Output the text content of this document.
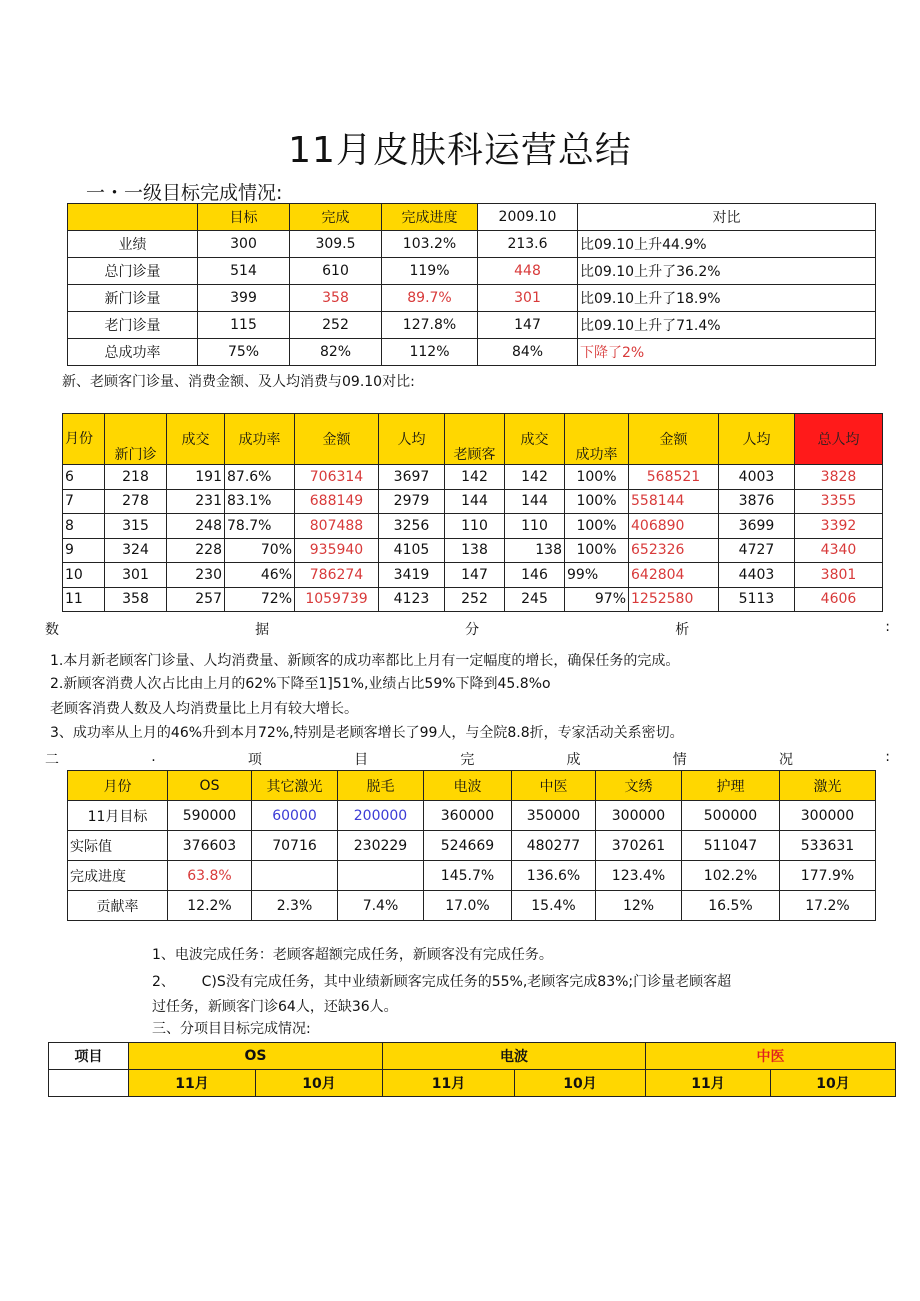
11月皮肤科运营总结
一・一级目标完成情况:
	目标	完成	完成进度	2009.10	对比
业绩	300	309.5	103.2%	213.6	比09.10上升44.9%
总门诊量	514	610	119%	448	比09.10上升了36.2%
新门诊量	399	358	89.7%	301	比09.10上升了18.9%
老门诊量	115	252	127.8%	147	比09.10上升了71.4%
总成功率	75%	82%	112%	84%	下降了2%
新、老顾客门诊量、消费金额、及人均消费与09.10对比:
月份	新门诊	成交	成功率	金额	人均	老顾客	成交	成功率	金额	人均	总人均
6	218	191	87.6%	706314	3697	142	142	100%	568521	4003	3828
7	278	231	83.1%	688149	2979	144	144	100%	558144	3876	3355
8	315	248	78.7%	807488	3256	110	110	100%	406890	3699	3392
9	324	228	70%	935940	4105	138	138	100%	652326	4727	4340
10	301	230	46%	786274	3419	147	146	99%	642804	4403	3801
11	358	257	72%	1059739	4123	252	245	97%	1252580	5113	4606
数	据	分	析	:
1.本月新老顾客门诊量、人均消费量、新顾客的成功率都比上月有一定幅度的增长，确保任务的完成。
2.新顾客消费人次占比由上月的62%下降至1]51%,业绩占比59%下降到45.8%o
老顾客消费人数及人均消费量比上月有较大增长。
3、成功率从上月的46%升到本月72%,特别是老顾客增长了99人，与全院8.8折，专家活动关系密切。
二	.	项	目	完	成	情	况	:
月份	OS	其它激光	脱毛	电波	中医	文绣	护理	激光
11月目标	590000	60000	200000	360000	350000	300000	500000	300000
实际值	376603	70716	230229	524669	480277	370261	511047	533631
完成进度	63.8%			145.7%	136.6%	123.4%	102.2%	177.9%
贡献率	12.2%	2.3%	7.4%	17.0%	15.4%	12%	16.5%	17.2%
1、电波完成任务：老顾客超额完成任务，新顾客没有完成任务。
2、      C)S没有完成任务，其中业绩新顾客完成任务的55%,老顾客完成83%;门诊量老顾客超
过任务，新顾客门诊64人，还缺36人。
三、分项目目标完成情况:
项目	OS		电波		中医	
	11月	10月	11月	10月	11月	10月
